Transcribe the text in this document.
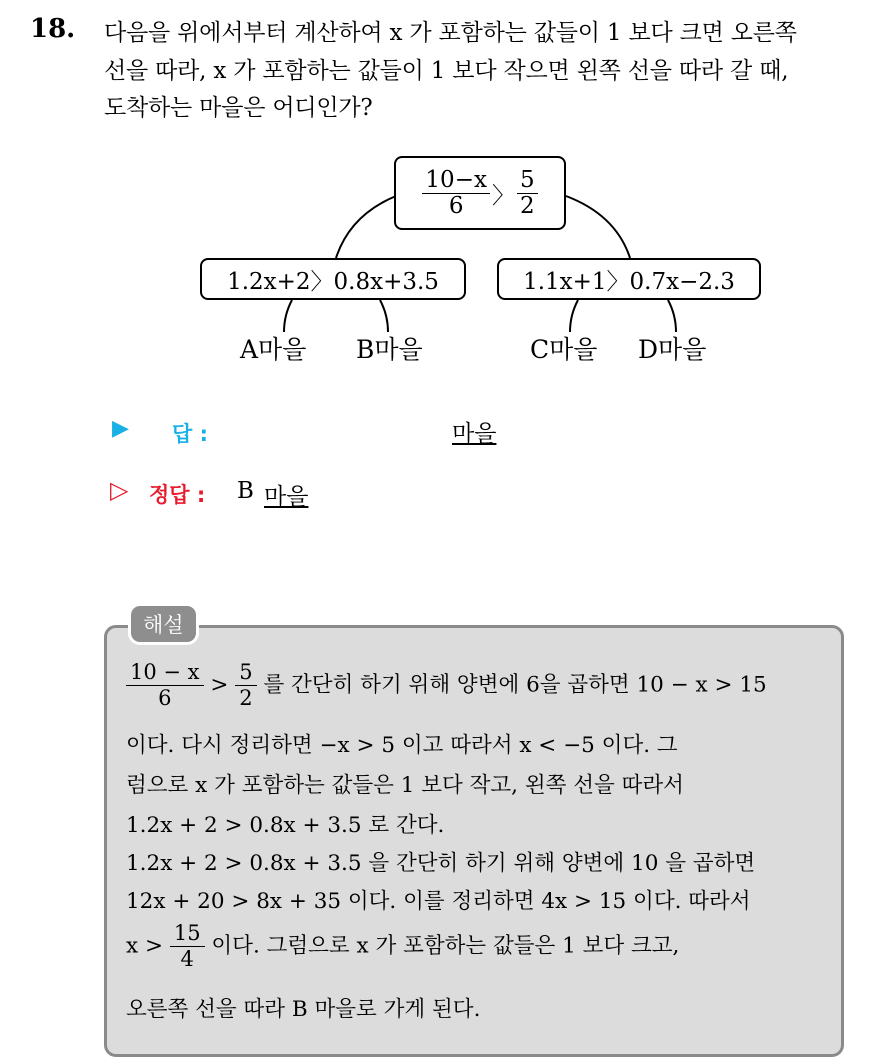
18. 다음을 위에서부터 계산하여 x 가 포함하는 값들이 1 보다 크면 오른쪽
선을 따라, x 가 포함하는 값들이 1 보다 작으면 왼쪽 선을 따라 갈 때,
도착하는 마을은 어디인가?
$\frac{10-x}{6}$ 〉 $\frac{5}{2}$
1.2x+2〉0.8x+3.5	1.1x+1〉0.7x−2.3
A마을 B마을	C마을 D마을
▶ 답 :	마을
▷ 정답 : B 마을
해설
$\frac{10 - x}{6} > \frac{5}{2}$ 를 간단히 하기 위해 양변에 6을 곱하면 10 − x > 15
이다. 다시 정리하면 −x > 5 이고 따라서 x < −5 이다. 그
럼으로 x 가 포함하는 값들은 1 보다 작고, 왼쪽 선을 따라서
1.2x + 2 > 0.8x + 3.5 로 간다.
1.2x + 2 > 0.8x + 3.5 을 간단히 하기 위해 양변에 10 을 곱하면
12x + 20 > 8x + 35 이다. 이를 정리하면 4x > 15 이다. 따라서
$x > \frac{15}{4}$ 이다. 그럼으로 x 가 포함하는 값들은 1 보다 크고,
오른쪽 선을 따라 B 마을로 가게 된다.
